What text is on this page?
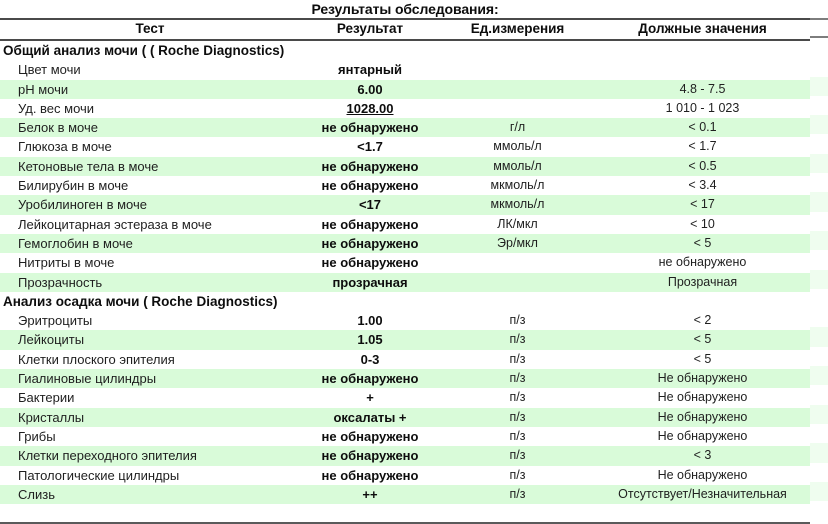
Результаты обследования:
Тест	Результат	Ед.измерения	Должные значения
Общий анализ мочи ( ( Roche Diagnostics)			
Цвет мочи	янтарный		
рН мочи	6.00		4.8 - 7.5
Уд. вес мочи	1028.00		1 010 - 1 023
Белок в моче	не обнаружено	г/л	< 0.1
Глюкоза в моче	<1.7	ммоль/л	< 1.7
Кетоновые тела в моче	не обнаружено	ммоль/л	< 0.5
Билирубин в моче	не обнаружено	мкмоль/л	< 3.4
Уробилиноген в моче	<17	мкмоль/л	< 17
Лейкоцитарная эстераза в моче	не обнаружено	ЛК/мкл	< 10
Гемоглобин в моче	не обнаружено	Эр/мкл	< 5
Нитриты в моче	не обнаружено		не обнаружено
Прозрачность	прозрачная		Прозрачная
Анализ осадка мочи ( Roche Diagnostics)			
Эритроциты	1.00	п/з	< 2
Лейкоциты	1.05	п/з	< 5
Клетки плоского эпителия	0-3	п/з	< 5
Гиалиновые цилиндры	не обнаружено	п/з	Не обнаружено
Бактерии	+	п/з	Не обнаружено
Кристаллы	оксалаты +	п/з	Не обнаружено
Грибы	не обнаружено	п/з	Не обнаружено
Клетки переходного эпителия	не обнаружено	п/з	< 3
Патологические цилиндры	не обнаружено	п/з	Не обнаружено
Слизь	++	п/з	Отсутствует/Незначительная
